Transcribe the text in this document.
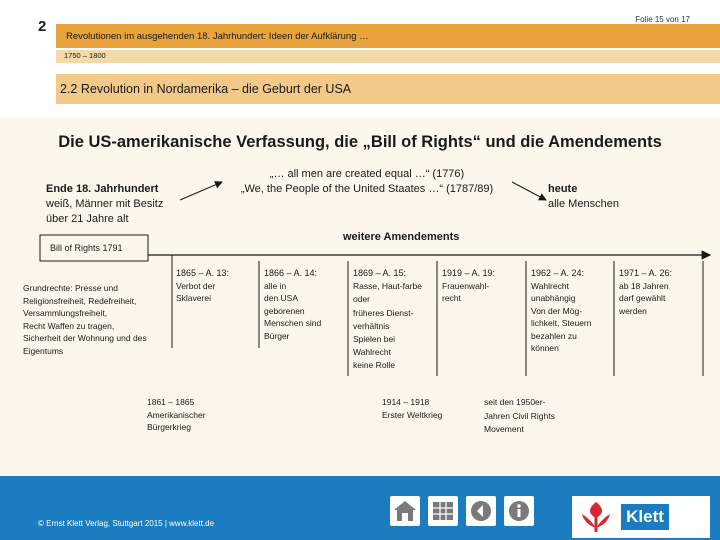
2	Folie 15 von 17
Revolutionen im ausgehenden 18. Jahrhundert: Ideen der Aufklärung …
1750 – 1800
2.2 Revolution in Nordamerika – die Geburt der USA
Die US-amerikanische Verfassung, die „Bill of Rights“ und die Amendements
Ende 18. Jahrhundert
weiß, Männer mit Besitz
über 21 Jahre alt
„… all men are created equal …“ (1776)
„We, the People of the United Staates …“ (1787/89)	heute
alle Menschen
weitere Amendements
Bill of Rights 1791
Grundrechte: Presse und
Religionsfreiheit, Redefreiheit,
Versammlungsfreiheit,
Recht Waffen zu tragen,
Sicherheit der Wohnung und des
Eigentums
1865 – A. 13:
Verbot der
Sklaverei
1866 – A. 14:
alle in
den USA
geborenen
Menschen sind
Bürger
1869 – A. 15:
Rasse, Haut-farbe
oder
früheres Dienst-
verhältnis
Spielen bei
Wahlrecht
keine Rolle
1919 – A. 19:
Frauenwahl-
recht
1962 – A. 24:
Wahlrecht
unabhängig
Von der Mög-
lichkeit, Steuern
bezahlen zu
können
1971 – A. 26:
ab 18 Jahren
darf gewählt
werden
1861 – 1865
Amerikanischer
Bürgerkrieg
1914 – 1918
Erster Weltkrieg
seit den 1950er-
Jahren Civil Rights
Movement
© Ernst Klett Verlag, Stuttgart 2015 | www.klett.de	Klett
